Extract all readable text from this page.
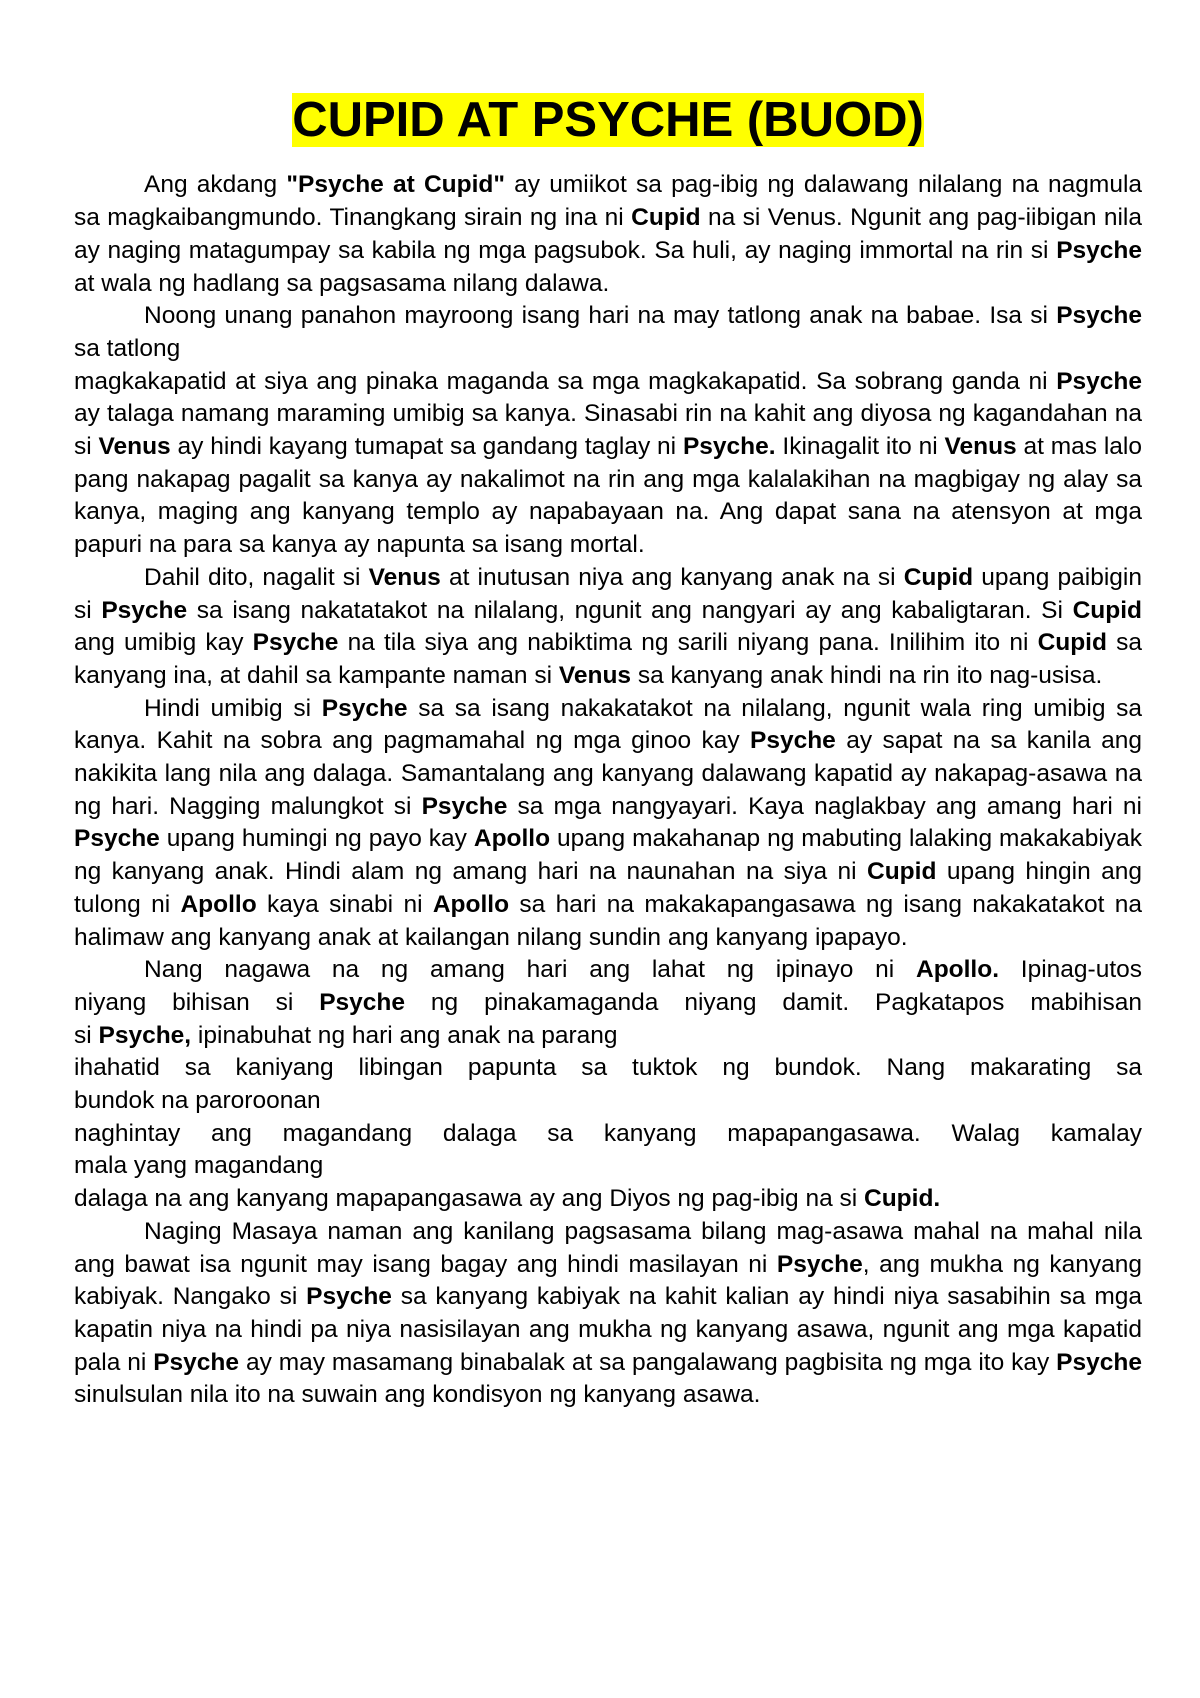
CUPID AT PSYCHE (BUOD)

Ang akdang "Psyche at Cupid" ay umiikot sa pag-ibig ng dalawang nilalang na nagmula sa magkaibangmundo. Tinangkang sirain ng ina ni Cupid na si Venus. Ngunit ang pag-iibigan nila ay naging matagumpay sa kabila ng mga pagsubok. Sa huli, ay naging immortal na rin si Psyche at wala ng hadlang sa pagsasama nilang dalawa.

Noong unang panahon mayroong isang hari na may tatlong anak na babae. Isa si Psyche sa tatlong

magkakapatid at siya ang pinaka maganda sa mga magkakapatid. Sa sobrang ganda ni Psyche ay talaga namang maraming umibig sa kanya. Sinasabi rin na kahit ang diyosa ng kagandahan na si Venus ay hindi kayang tumapat sa gandang taglay ni Psyche. Ikinagalit ito ni Venus at mas lalo pang nakapag pagalit sa kanya ay nakalimot na rin ang mga kalalakihan na magbigay ng alay sa kanya, maging ang kanyang templo ay napabayaan na. Ang dapat sana na atensyon at mga papuri na para sa kanya ay napunta sa isang mortal.

Dahil dito, nagalit si Venus at inutusan niya ang kanyang anak na si Cupid upang paibigin si Psyche sa isang nakatatakot na nilalang, ngunit ang nangyari ay ang kabaligtaran. Si Cupid ang umibig kay Psyche na tila siya ang nabiktima ng sarili niyang pana. Inilihim ito ni Cupid sa kanyang ina, at dahil sa kampante naman si Venus sa kanyang anak hindi na rin ito nag-usisa.

Hindi umibig si Psyche sa sa isang nakakatakot na nilalang, ngunit wala ring umibig sa kanya. Kahit na sobra ang pagmamahal ng mga ginoo kay Psyche ay sapat na sa kanila ang nakikita lang nila ang dalaga. Samantalang ang kanyang dalawang kapatid ay nakapag-asawa na ng hari. Nagging malungkot si Psyche sa mga nangyayari. Kaya naglakbay ang amang hari ni Psyche upang humingi ng payo kay Apollo upang makahanap ng mabuting lalaking makakabiyak ng kanyang anak. Hindi alam ng amang hari na naunahan na siya ni Cupid upang hingin ang tulong ni Apollo kaya sinabi ni Apollo sa hari na makakapangasawa ng isang nakakatakot na halimaw ang kanyang anak at kailangan nilang sundin ang kanyang ipapayo.

Nang nagawa na ng amang hari ang lahat ng ipinayo ni Apollo. Ipinag-utos

niyang bihisan si Psyche ng pinakamaganda niyang damit. Pagkatapos mabihisan

si Psyche, ipinabuhat ng hari ang anak na parang

ihahatid sa kaniyang libingan papunta sa tuktok ng bundok. Nang makarating sa

bundok na paroroonan

naghintay ang magandang dalaga sa kanyang mapapangasawa. Walag kamalay

mala yang magandang

dalaga na ang kanyang mapapangasawa ay ang Diyos ng pag-ibig na si Cupid.

Naging Masaya naman ang kanilang pagsasama bilang mag-asawa mahal na mahal nila ang bawat isa ngunit may isang bagay ang hindi masilayan ni Psyche, ang mukha ng kanyang kabiyak. Nangako si Psyche sa kanyang kabiyak na kahit kalian ay hindi niya sasabihin sa mga kapatin niya na hindi pa niya nasisilayan ang mukha ng kanyang asawa, ngunit ang mga kapatid pala ni Psyche ay may masamang binabalak at sa pangalawang pagbisita ng mga ito kay Psyche sinulsulan nila ito na suwain ang kondisyon ng kanyang asawa.
